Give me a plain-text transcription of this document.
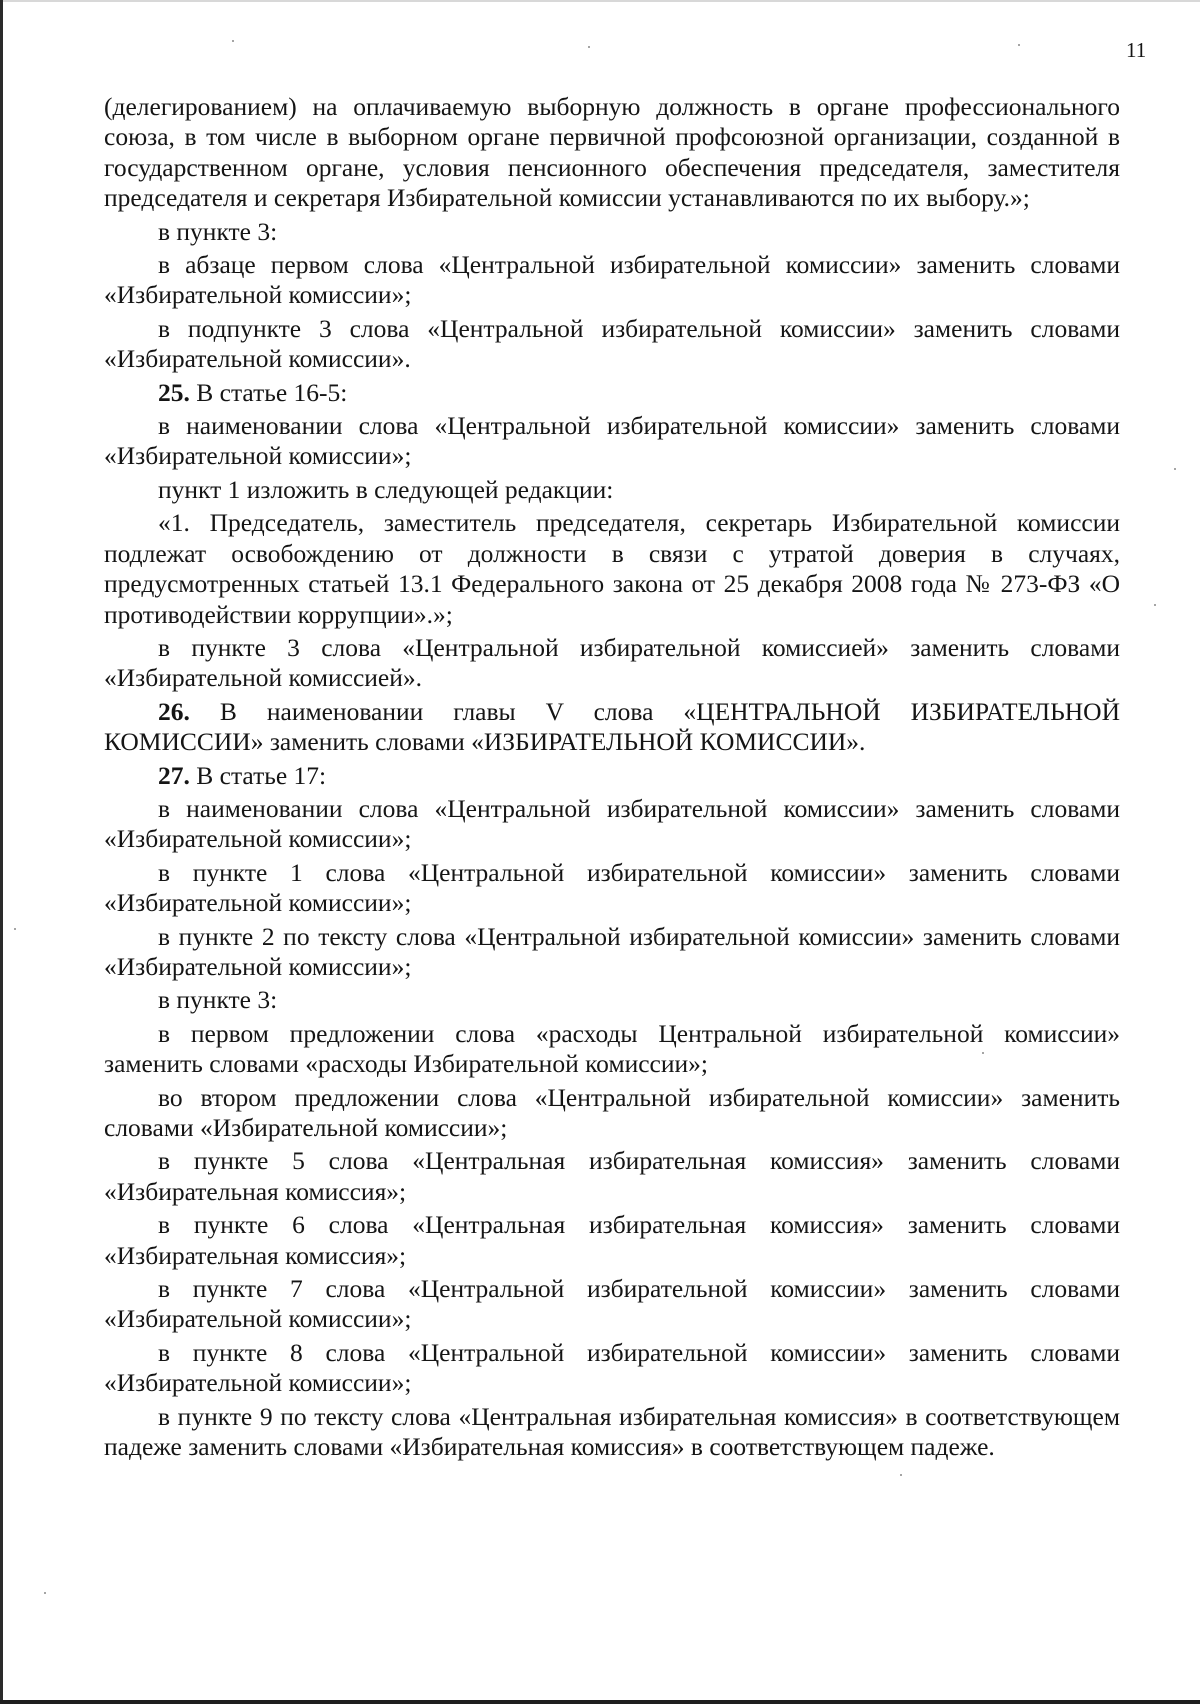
11

(делегированием) на оплачиваемую выборную должность в органе профессионального союза, в том числе в выборном органе первичной профсоюзной организации, созданной в государственном органе, условия пенсионного обеспечения председателя, заместителя председателя и секретаря Избирательной комиссии устанавливаются по их выбору.»;

в пункте 3:

в абзаце первом слова «Центральной избирательной комиссии» заменить словами «Избирательной комиссии»;

в подпункте 3 слова «Центральной избирательной комиссии» заменить словами «Избирательной комиссии».

25. В статье 16-5:

в наименовании слова «Центральной избирательной комиссии» заменить словами «Избирательной комиссии»;

пункт 1 изложить в следующей редакции:

«1. Председатель, заместитель председателя, секретарь Избирательной комиссии подлежат освобождению от должности в связи с утратой доверия в случаях, предусмотренных статьей 13.1 Федерального закона от 25 декабря 2008 года № 273-ФЗ «О противодействии коррупции».»;

в пункте 3 слова «Центральной избирательной комиссией» заменить словами «Избирательной комиссией».

26. В наименовании главы V слова «ЦЕНТРАЛЬНОЙ ИЗБИРАТЕЛЬНОЙ КОМИССИИ» заменить словами «ИЗБИРАТЕЛЬНОЙ КОМИССИИ».

27. В статье 17:

в наименовании слова «Центральной избирательной комиссии» заменить словами «Избирательной комиссии»;

в пункте 1 слова «Центральной избирательной комиссии» заменить словами «Избирательной комиссии»;

в пункте 2 по тексту слова «Центральной избирательной комиссии» заменить словами «Избирательной комиссии»;

в пункте 3:

в первом предложении слова «расходы Центральной избирательной комиссии» заменить словами «расходы Избирательной комиссии»;

во втором предложении слова «Центральной избирательной комиссии» заменить словами «Избирательной комиссии»;

в пункте 5 слова «Центральная избирательная комиссия» заменить словами «Избирательная комиссия»;

в пункте 6 слова «Центральная избирательная комиссия» заменить словами «Избирательная комиссия»;

в пункте 7 слова «Центральной избирательной комиссии» заменить словами «Избирательной комиссии»;

в пункте 8 слова «Центральной избирательной комиссии» заменить словами «Избирательной комиссии»;

в пункте 9 по тексту слова «Центральная избирательная комиссия» в соответствующем падеже заменить словами «Избирательная комиссия» в соответствующем падеже.
